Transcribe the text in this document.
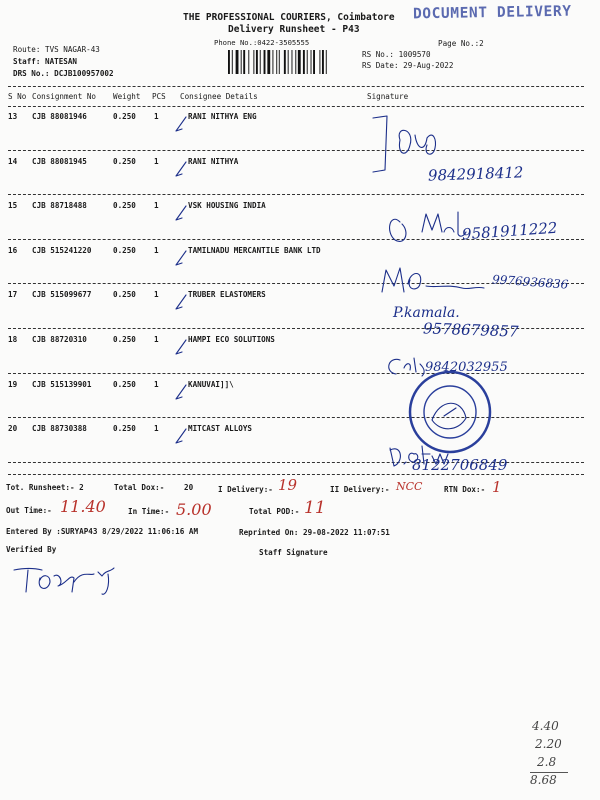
THE PROFESSIONAL COURIERS, Coimbatore DOCUMENT DELIVERY
Delivery Runsheet - P43
Phone No.:0422-3505555	Page No.:2
Route: TVS NAGAR-43
Staff: NATESAN
DRS No.: DCJB100957002
RS No.: 1009570
RS Date: 29-Aug-2022
S No Consignment No Weight PCS Consignee Details	Signature
13 CJB 88081946	0.250 1	RANI NITHYA ENG
14 CJB 88081945	0.250 1	RANI NITHYA
15 CJB 88718488	0.250 1	VSK HOUSING INDIA
16 CJB 515241220	0.250 1	TAMILNADU MERCANTILE BANK LTD
17 CJB 515099677	0.250 1	TRUBER ELASTOMERS
18 CJB 88720310	0.250 1	HAMPI ECO SOLUTIONS
19 CJB 515139901	0.250 1	KANUVAI]]\
20 CJB 88730388	0.250 1	MITCAST ALLOYS
9842918412
9581911222
9976936836
P.kamala.
9578679857
9842032955
8122706849
Tot. Runsheet:- 2	Total Dox:-	20	I Delivery:- 19	II Delivery:- NCC	RTN Dox:- 1
Out Time:- 11.40	In Time:- 5.00	Total POD:- 11
Entered By :SURYAP43 8/29/2022 11:06:16 AM	Reprinted On: 29-08-2022 11:07:51
Verified By	Staff Signature
4.40
2.20
2.8
8.68
